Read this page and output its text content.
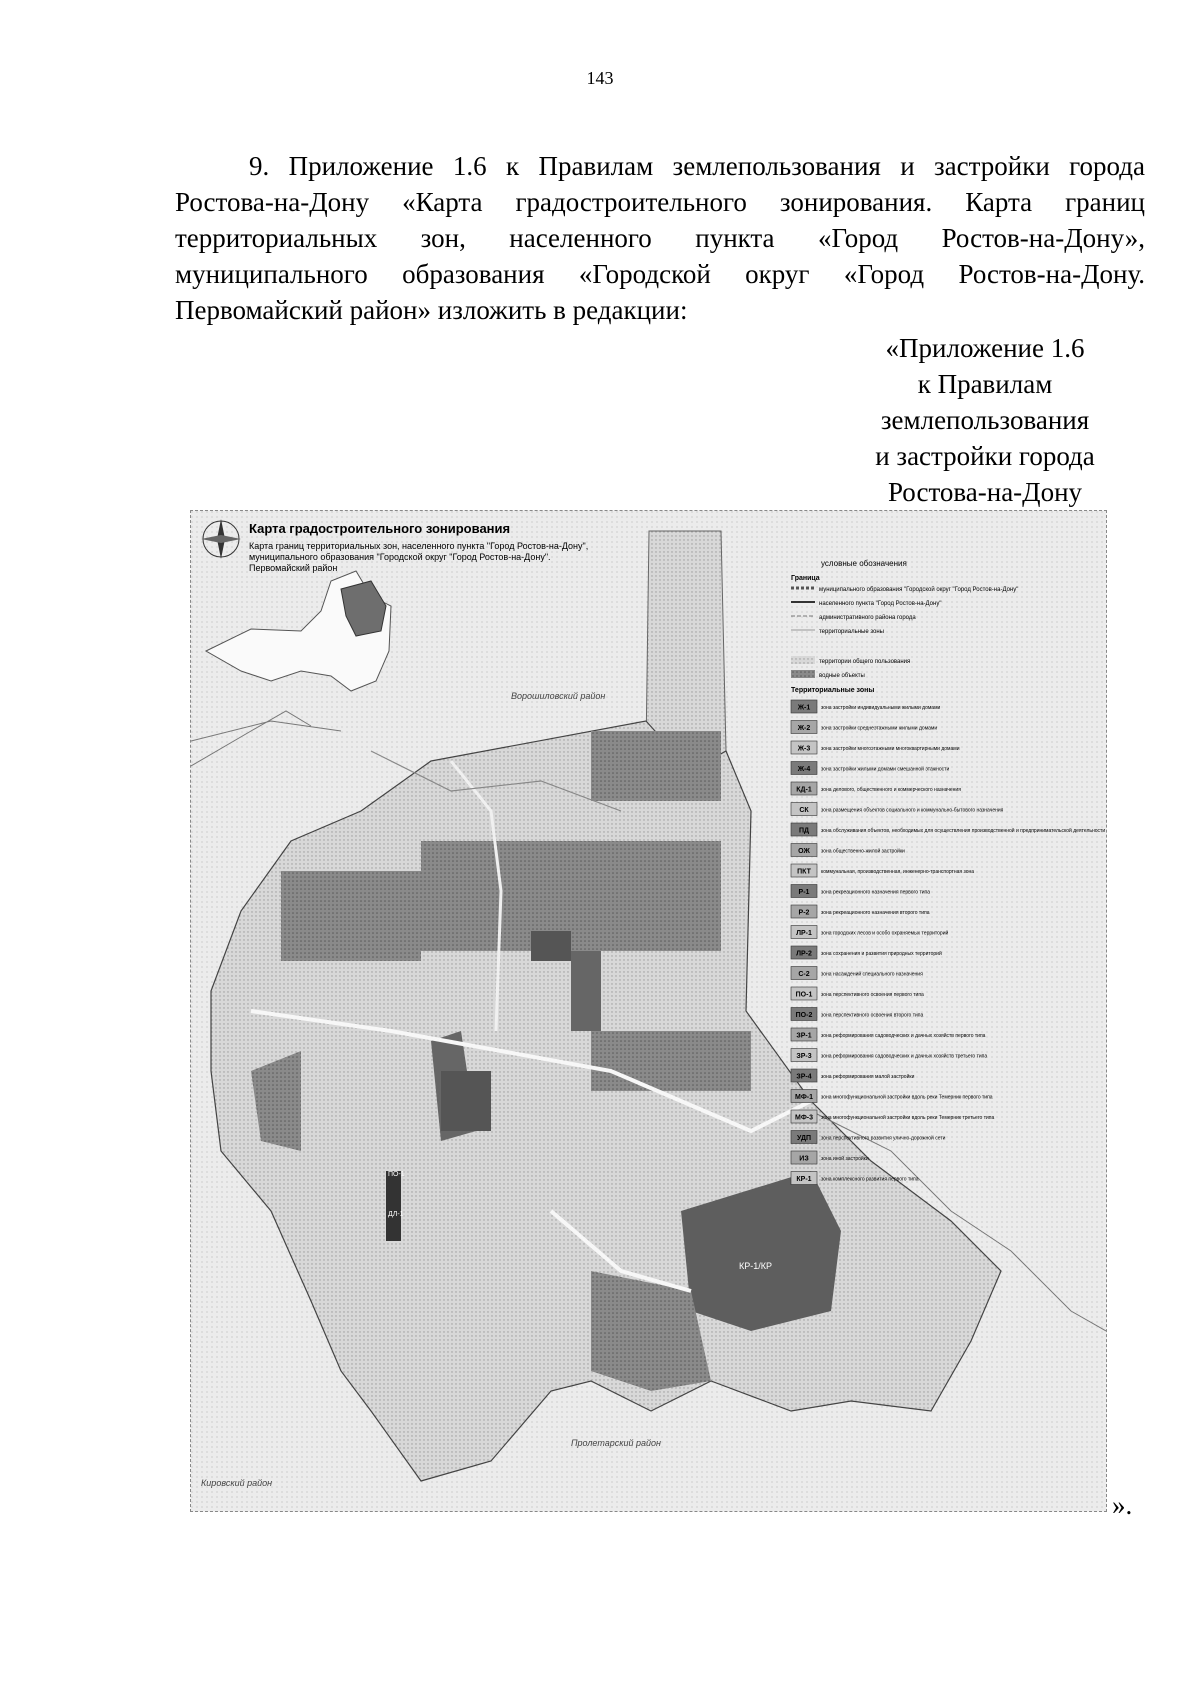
143

9. Приложение 1.6 к Правилам землепользования и застройки города Ростова-на-Дону «Карта градостроительного зонирования. Карта границ территориальных зон, населенного пункта «Город Ростов-на-Дону», муниципального образования «Городской округ «Город Ростов-на-Дону. Первомайский район» изложить в редакции:

«Приложение 1.6
к Правилам
землепользования
и застройки города
Ростова-на-Дону
Карта градостроительного зонирования
Карта границ территориальных зон, населенного пункта "Город Ростов-на-Дону",
муниципального образования "Городской округ "Город Ростов-на-Дону".
Первомайский район
Ворошиловский район
Пролетарский район
Кировский район
КР-1/КР
ПО-1
ДЛ-1
условные обозначения
Граница
муниципального образования "Городской округ "Город Ростов-на-Дону"
населенного пункта "Город Ростов-на-Дону"
административного района города
территориальные зоны
территории общего пользования
водные объекты
Территориальные зоны
Ж-1 зона застройки индивидуальными жилыми домами
Ж-2 зона застройки среднеэтажными жилыми домами
Ж-3 зона застройки многоэтажными многоквартирными домами
Ж-4 зона застройки жилыми домами смешанной этажности
КД-1 зона делового, общественного и коммерческого назначения
СК зона размещения объектов социального и коммунально-бытового назначения
ПД зона обслуживания объектов, необходимых для осуществления производственной и предпринимательской деятельности
ОЖ зона общественно-жилой застройки
ПКТ коммунальная, производственная, инженерно-транспортная зона
Р-1 зона рекреационного назначения первого типа
Р-2 зона рекреационного назначения второго типа
ЛР-1 зона городских лесов и особо охраняемых территорий
ЛР-2 зона сохранения и развития природных территорий
С-2 зона насаждений специального назначения
ПО-1 зона перспективного освоения первого типа
ПО-2 зона перспективного освоения второго типа
ЗР-1 зона реформирования садоводческих и дачных хозяйств первого типа
ЗР-3 зона реформирования садоводческих и дачных хозяйств третьего типа
ЗР-4 зона реформирования малой застройки
МФ-1 зона многофункциональной застройки вдоль реки Темерник первого типа
МФ-3 зона многофункциональной застройки вдоль реки Темерник третьего типа
УДП зона перспективного развития улично-дорожной сети
ИЗ зона иной застройки
КР-1 зона комплексного развития первого типа
».
